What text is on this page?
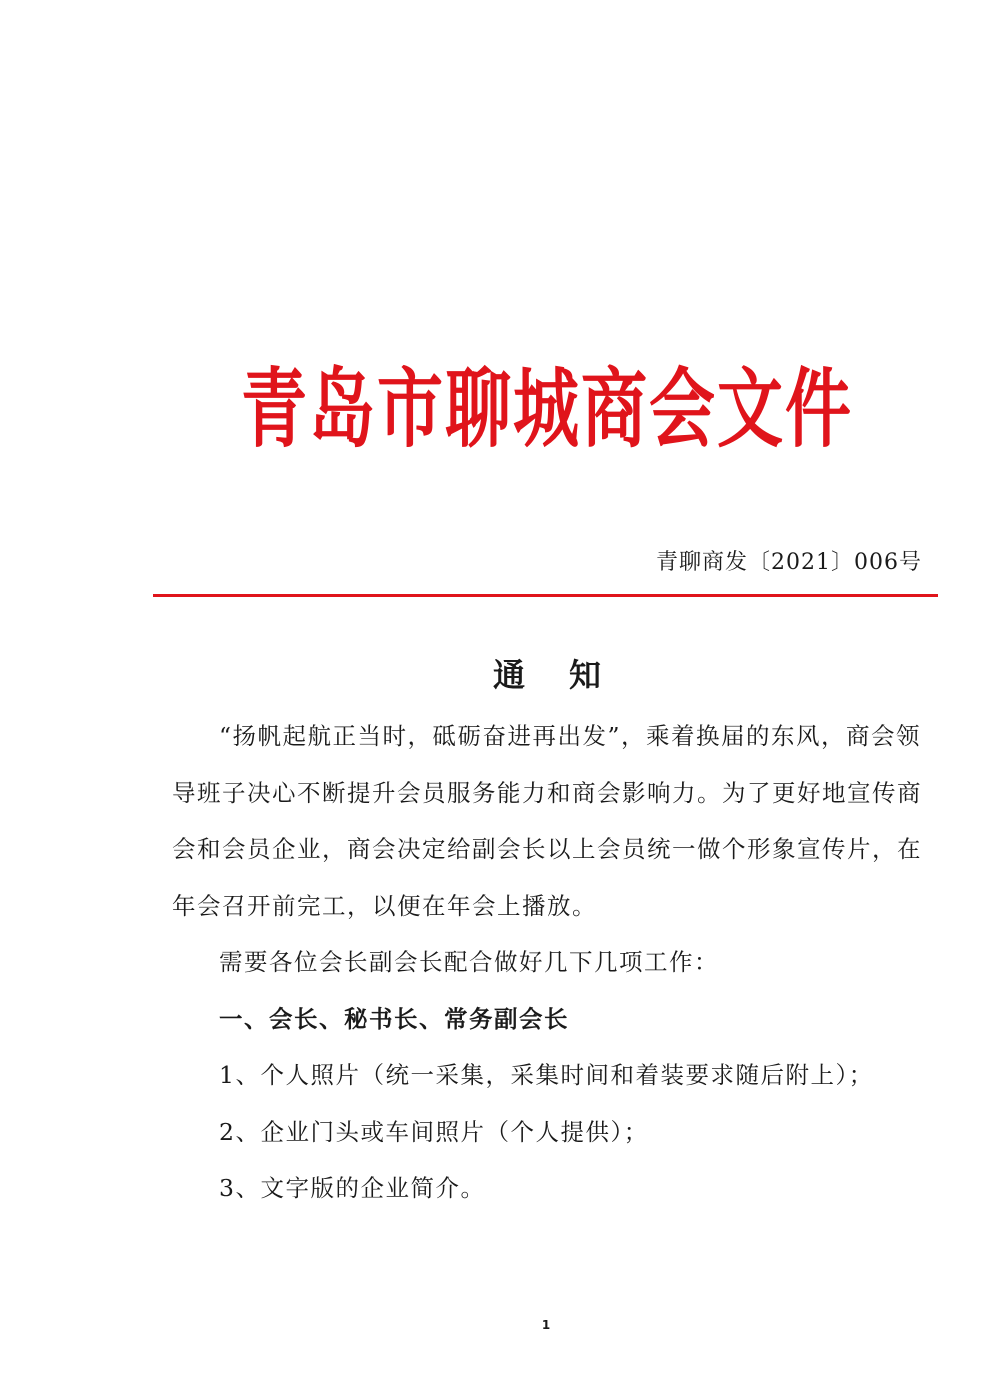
青岛市聊城商会文件
青聊商发〔2021〕006号
通知

“扬帆起航正当时，砥砺奋进再出发”，乘着换届的东风，商会领导班子决心不断提升会员服务能力和商会影响力。为了更好地宣传商会和会员企业，商会决定给副会长以上会员统一做个形象宣传片，在年会召开前完工，以便在年会上播放。

需要各位会长副会长配合做好几下几项工作：

一、会长、秘书长、常务副会长

1、个人照片（统一采集，采集时间和着装要求随后附上）；

2、企业门头或车间照片（个人提供）；

3、文字版的企业简介。

1
